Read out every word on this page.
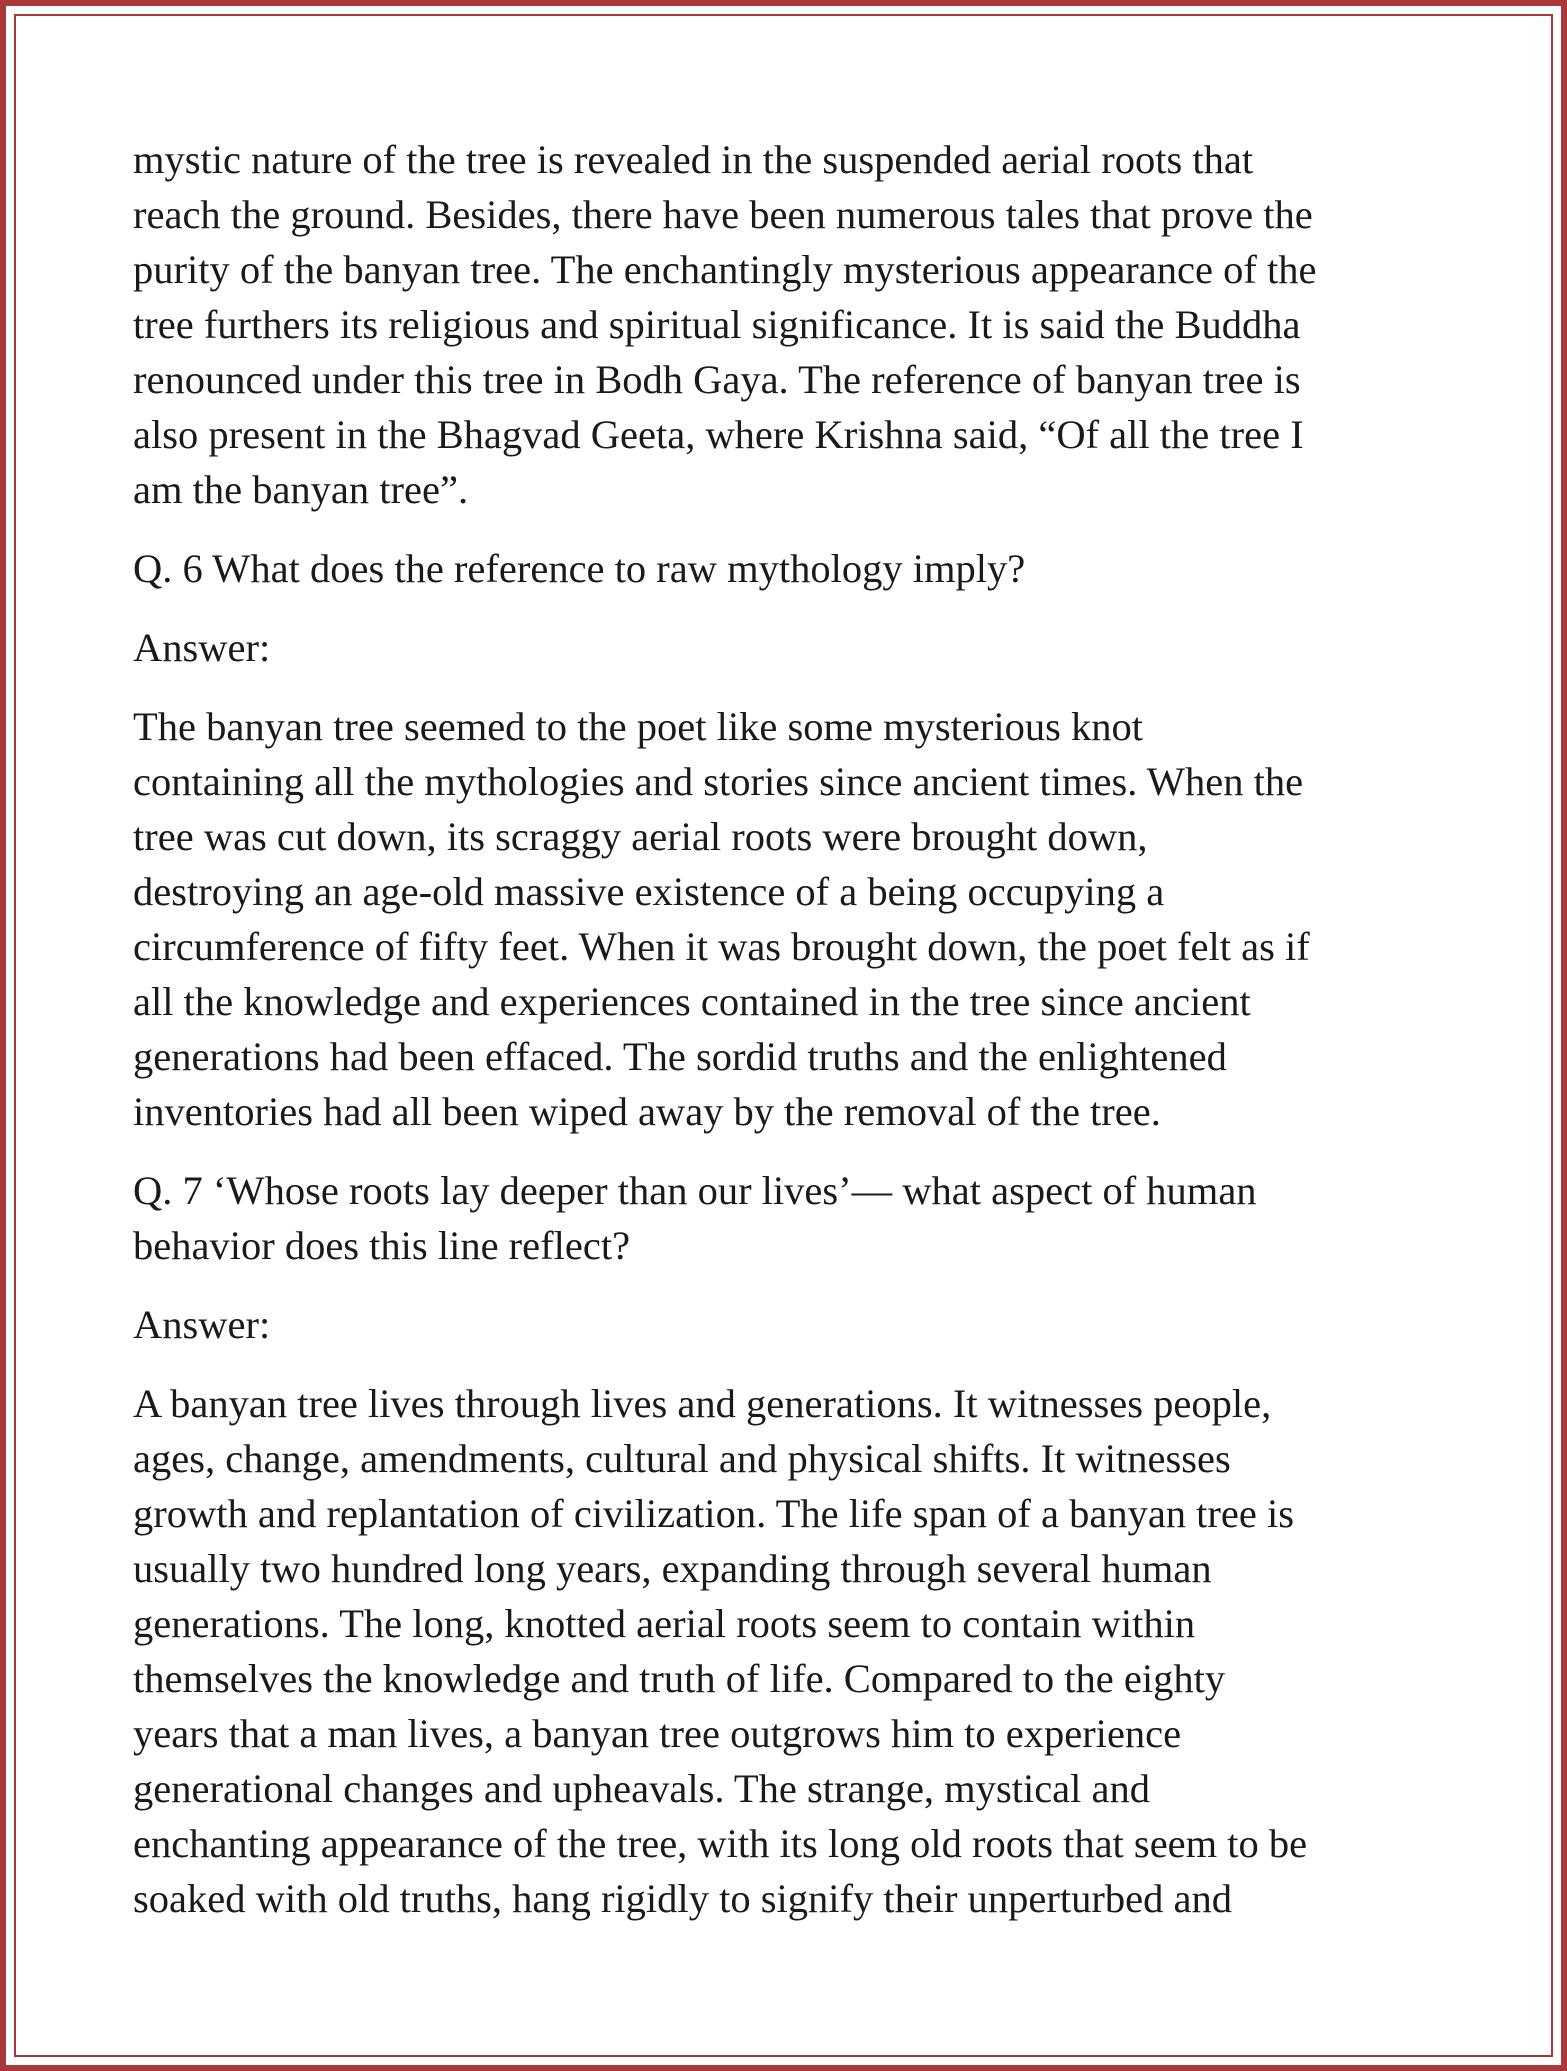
mystic nature of the tree is revealed in the suspended aerial roots that
reach the ground. Besides, there have been numerous tales that prove the
purity of the banyan tree. The enchantingly mysterious appearance of the
tree furthers its religious and spiritual significance. It is said the Buddha
renounced under this tree in Bodh Gaya. The reference of banyan tree is
also present in the Bhagvad Geeta, where Krishna said, “Of all the tree I
am the banyan tree”.
Q. 6 What does the reference to raw mythology imply?
Answer:
The banyan tree seemed to the poet like some mysterious knot
containing all the mythologies and stories since ancient times. When the
tree was cut down, its scraggy aerial roots were brought down,
destroying an age-old massive existence of a being occupying a
circumference of fifty feet. When it was brought down, the poet felt as if
all the knowledge and experiences contained in the tree since ancient
generations had been effaced. The sordid truths and the enlightened
inventories had all been wiped away by the removal of the tree.
Q. 7 ‘Whose roots lay deeper than our lives’— what aspect of human
behavior does this line reflect?
Answer:
A banyan tree lives through lives and generations. It witnesses people,
ages, change, amendments, cultural and physical shifts. It witnesses
growth and replantation of civilization. The life span of a banyan tree is
usually two hundred long years, expanding through several human
generations. The long, knotted aerial roots seem to contain within
themselves the knowledge and truth of life. Compared to the eighty
years that a man lives, a banyan tree outgrows him to experience
generational changes and upheavals. The strange, mystical and
enchanting appearance of the tree, with its long old roots that seem to be
soaked with old truths, hang rigidly to signify their unperturbed and
